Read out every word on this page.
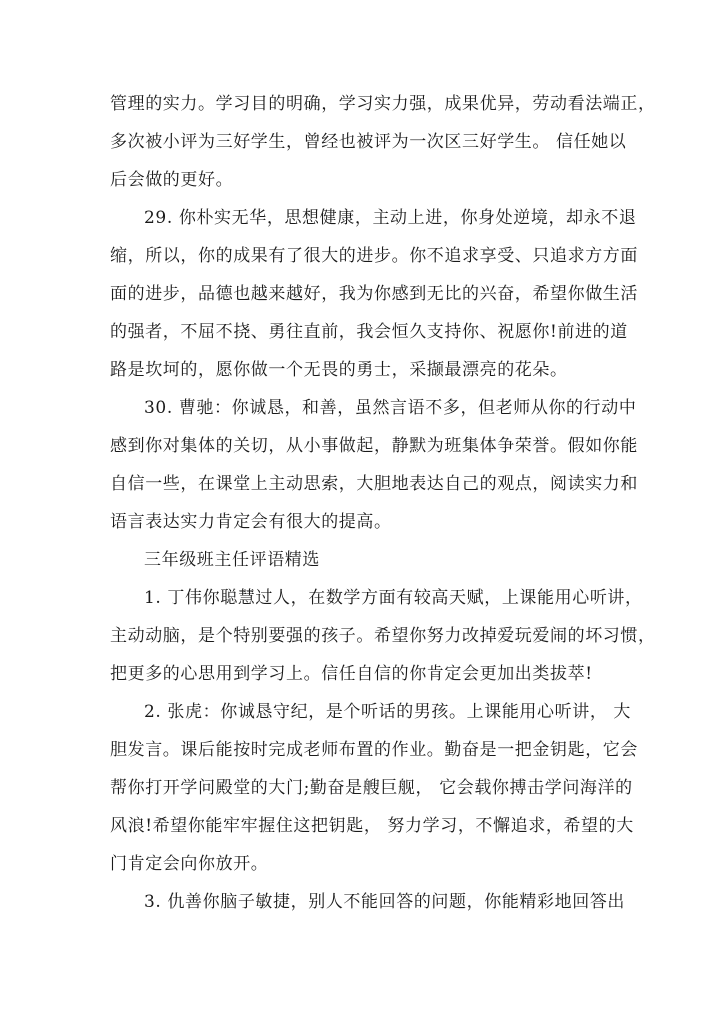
管理的实力。学习目的明确，学习实力强，成果优异，劳动看法端正，
多次被小评为三好学生，曾经也被评为一次区三好学生。 信任她以
后会做的更好。
29. 你朴实无华，思想健康，主动上进，你身处逆境，却永不退
缩，所以，你的成果有了很大的进步。你不追求享受、只追求方方面
面的进步，品德也越来越好，我为你感到无比的兴奋，希望你做生活
的强者，不屈不挠、勇往直前，我会恒久支持你、祝愿你!前进的道
路是坎坷的，愿你做一个无畏的勇士，采撷最漂亮的花朵。
30. 曹驰：你诚恳，和善，虽然言语不多，但老师从你的行动中
感到你对集体的关切，从小事做起，静默为班集体争荣誉。假如你能
自信一些，在课堂上主动思索，大胆地表达自己的观点，阅读实力和
语言表达实力肯定会有很大的提高。
三年级班主任评语精选
1. 丁伟你聪慧过人，在数学方面有较高天赋，上课能用心听讲，
主动动脑，是个特别要强的孩子。希望你努力改掉爱玩爱闹的坏习惯，
把更多的心思用到学习上。信任自信的你肯定会更加出类拔萃!
2. 张虎：你诚恳守纪，是个听话的男孩。上课能用心听讲， 大
胆发言。课后能按时完成老师布置的作业。勤奋是一把金钥匙，它会
帮你打开学问殿堂的大门;勤奋是艘巨舰， 它会载你搏击学问海洋的
风浪!希望你能牢牢握住这把钥匙， 努力学习，不懈追求，希望的大
门肯定会向你放开。
3. 仇善你脑子敏捷，别人不能回答的问题，你能精彩地回答出
